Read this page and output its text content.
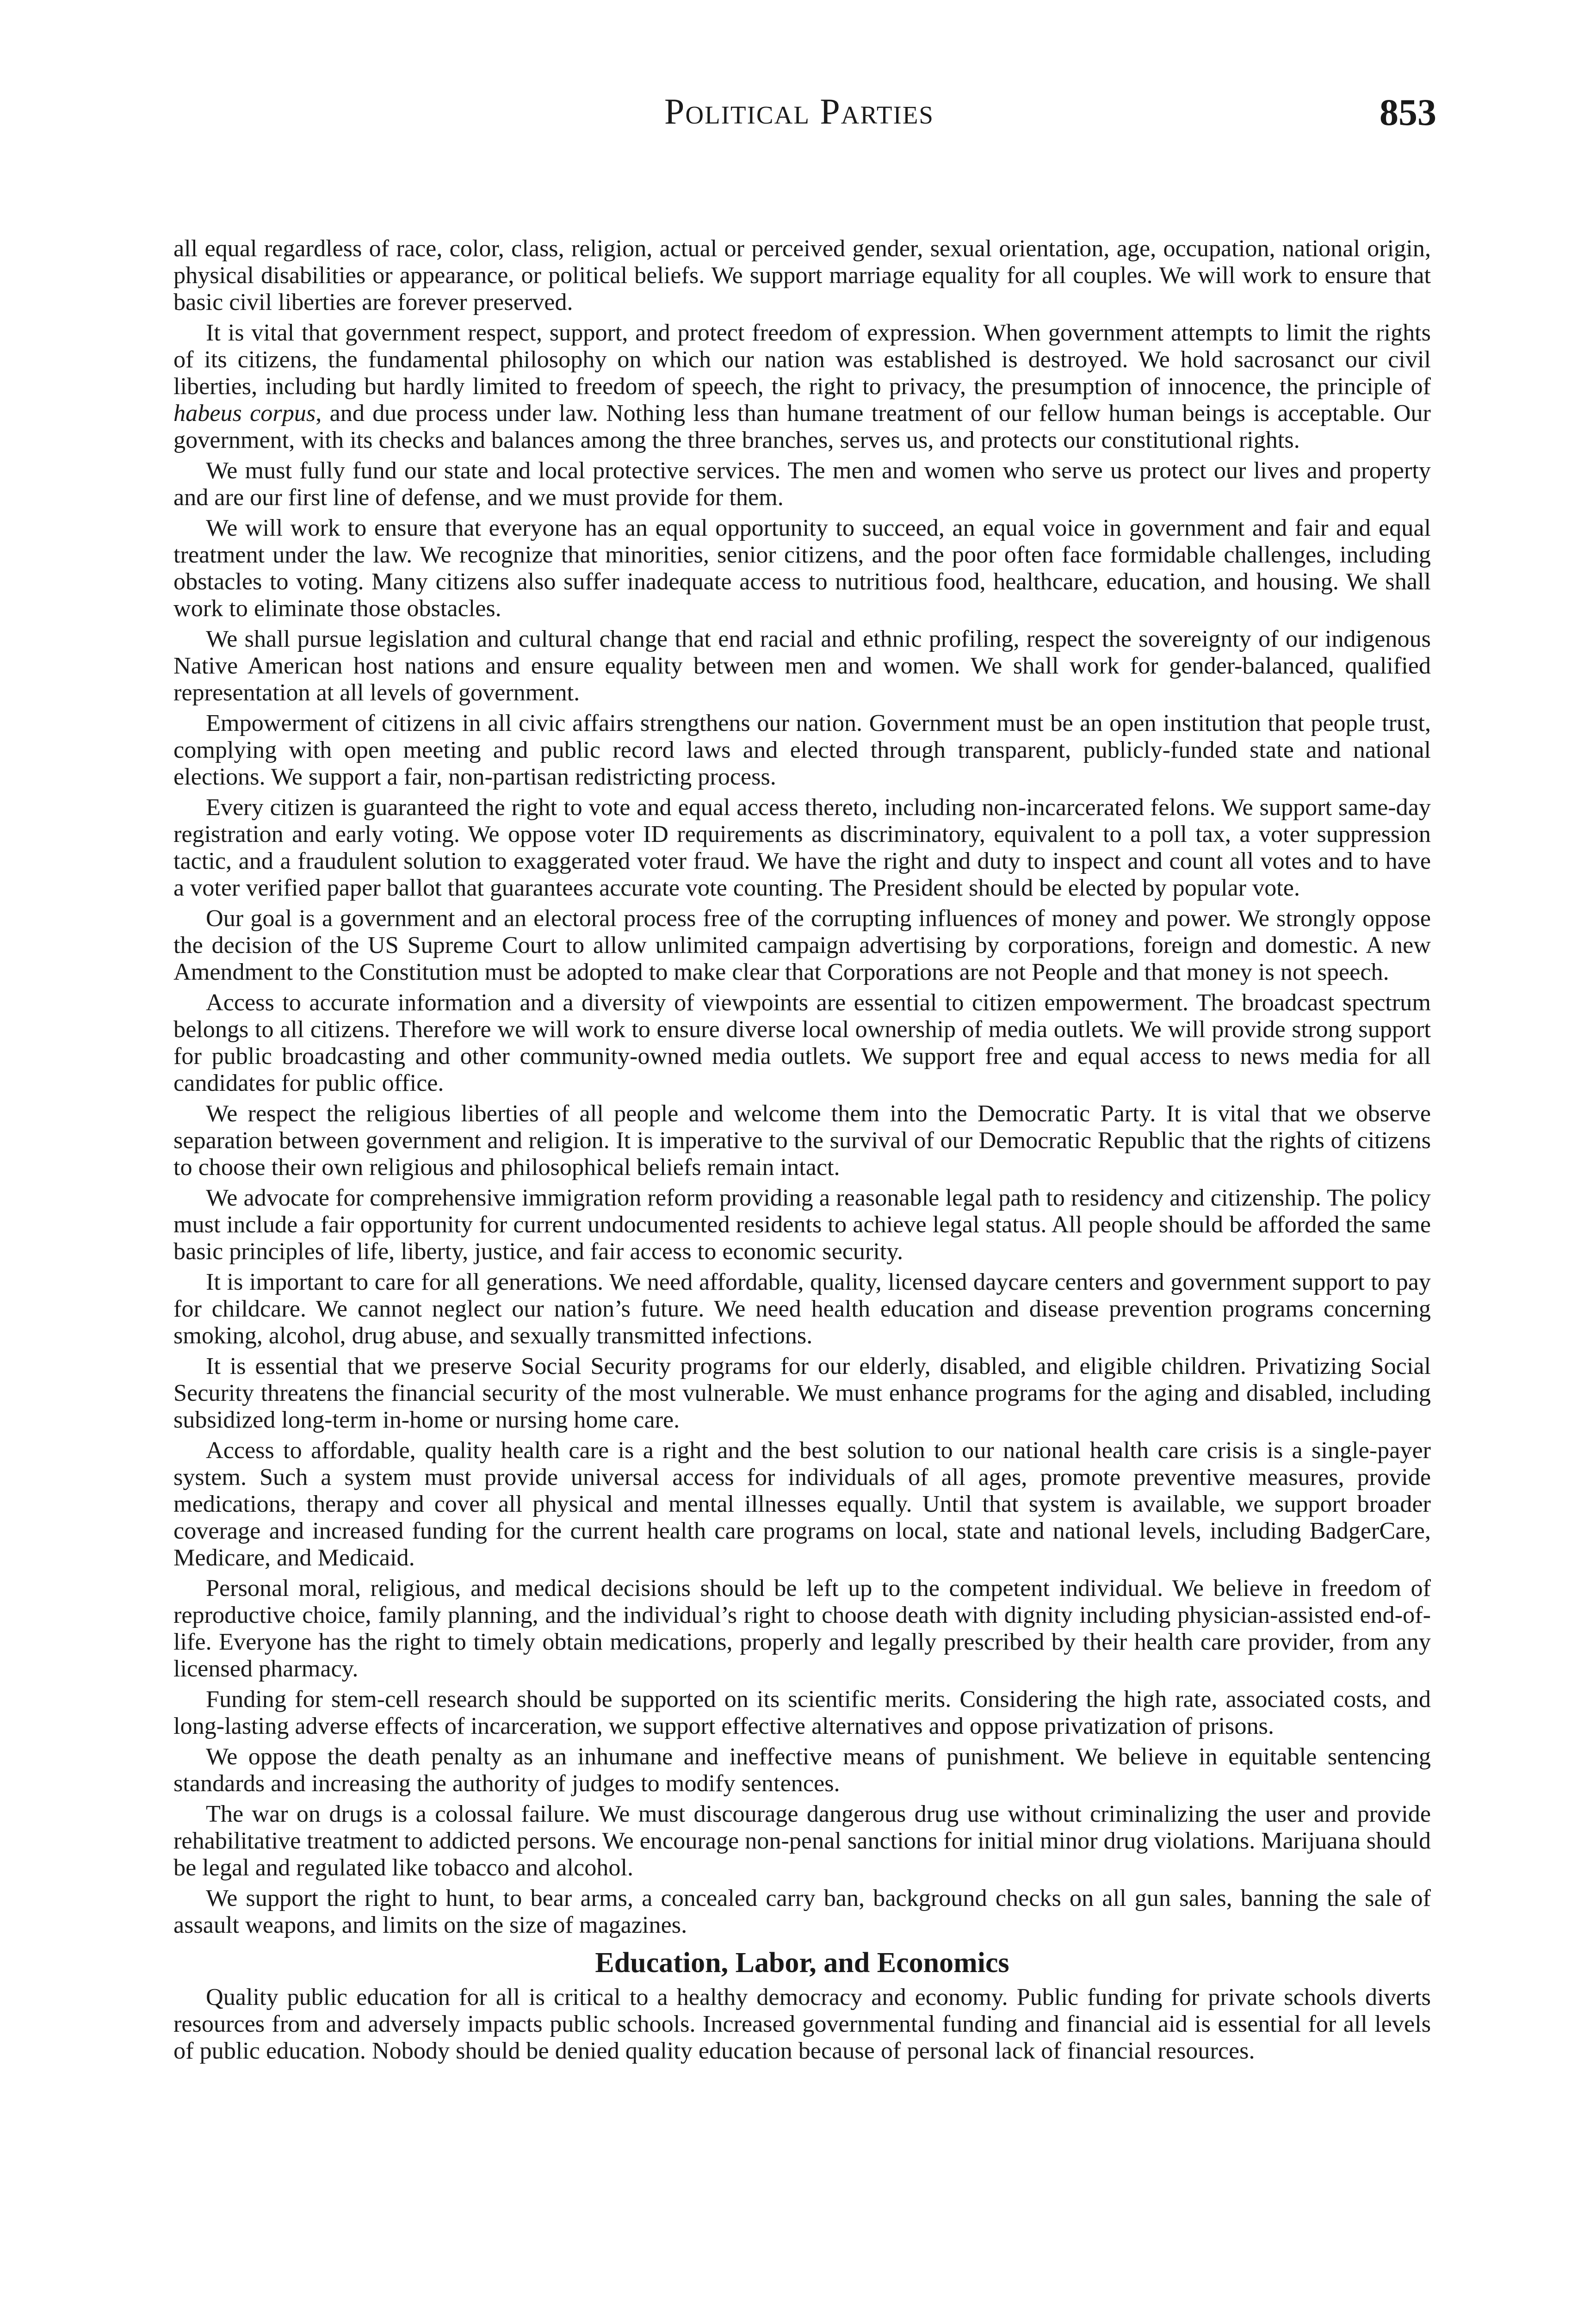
Political Parties	853

all equal regardless of race, color, class, religion, actual or perceived gender, sexual orientation, age, occupation, national origin, physical disabilities or appearance, or political beliefs. We support marriage equality for all couples. We will work to ensure that basic civil liberties are forever preserved.

It is vital that government respect, support, and protect freedom of expression. When government attempts to limit the rights of its citizens, the fundamental philosophy on which our nation was established is destroyed. We hold sacrosanct our civil liberties, including but hardly limited to freedom of speech, the right to privacy, the presumption of innocence, the principle of habeus corpus, and due process under law. Nothing less than humane treatment of our fellow human beings is acceptable. Our government, with its checks and balances among the three branches, serves us, and protects our constitutional rights.

We must fully fund our state and local protective services. The men and women who serve us protect our lives and property and are our first line of defense, and we must provide for them.

We will work to ensure that everyone has an equal opportunity to succeed, an equal voice in government and fair and equal treatment under the law. We recognize that minorities, senior citizens, and the poor often face formidable challenges, including obstacles to voting. Many citizens also suffer inadequate access to nutritious food, healthcare, education, and housing. We shall work to eliminate those obstacles.

We shall pursue legislation and cultural change that end racial and ethnic profiling, respect the sovereignty of our indigenous Native American host nations and ensure equality between men and women. We shall work for gender-balanced, qualified representation at all levels of government.

Empowerment of citizens in all civic affairs strengthens our nation. Government must be an open institution that people trust, complying with open meeting and public record laws and elected through transparent, publicly-funded state and national elections. We support a fair, non-partisan redistricting process.

Every citizen is guaranteed the right to vote and equal access thereto, including non-incarcerated felons. We support same-day registration and early voting. We oppose voter ID requirements as discriminatory, equivalent to a poll tax, a voter suppression tactic, and a fraudulent solution to exaggerated voter fraud. We have the right and duty to inspect and count all votes and to have a voter verified paper ballot that guarantees accurate vote counting. The President should be elected by popular vote.

Our goal is a government and an electoral process free of the corrupting influences of money and power. We strongly oppose the decision of the US Supreme Court to allow unlimited campaign advertising by corporations, foreign and domestic. A new Amendment to the Constitution must be adopted to make clear that Corporations are not People and that money is not speech.

Access to accurate information and a diversity of viewpoints are essential to citizen empowerment. The broadcast spectrum belongs to all citizens. Therefore we will work to ensure diverse local ownership of media outlets. We will provide strong support for public broadcasting and other community-owned media outlets. We support free and equal access to news media for all candidates for public office.

We respect the religious liberties of all people and welcome them into the Democratic Party. It is vital that we observe separation between government and religion. It is imperative to the survival of our Democratic Republic that the rights of citizens to choose their own religious and philosophical beliefs remain intact.

We advocate for comprehensive immigration reform providing a reasonable legal path to residency and citizenship. The policy must include a fair opportunity for current undocumented residents to achieve legal status. All people should be afforded the same basic principles of life, liberty, justice, and fair access to economic security.

It is important to care for all generations. We need affordable, quality, licensed daycare centers and government support to pay for childcare. We cannot neglect our nation’s future. We need health education and disease prevention programs concerning smoking, alcohol, drug abuse, and sexually transmitted infections.

It is essential that we preserve Social Security programs for our elderly, disabled, and eligible children. Privatizing Social Security threatens the financial security of the most vulnerable. We must enhance programs for the aging and disabled, including subsidized long-term in-home or nursing home care.

Access to affordable, quality health care is a right and the best solution to our national health care crisis is a single-payer system. Such a system must provide universal access for individuals of all ages, promote preventive measures, provide medications, therapy and cover all physical and mental illnesses equally. Until that system is available, we support broader coverage and increased funding for the current health care programs on local, state and national levels, including BadgerCare, Medicare, and Medicaid.

Personal moral, religious, and medical decisions should be left up to the competent individual. We believe in freedom of reproductive choice, family planning, and the individual’s right to choose death with dignity including physician-assisted end-of-life. Everyone has the right to timely obtain medications, properly and legally prescribed by their health care provider, from any licensed pharmacy.

Funding for stem-cell research should be supported on its scientific merits. Considering the high rate, associated costs, and long-lasting adverse effects of incarceration, we support effective alternatives and oppose privatization of prisons.

We oppose the death penalty as an inhumane and ineffective means of punishment. We believe in equitable sentencing standards and increasing the authority of judges to modify sentences.

The war on drugs is a colossal failure. We must discourage dangerous drug use without criminalizing the user and provide rehabilitative treatment to addicted persons. We encourage non-penal sanctions for initial minor drug violations. Marijuana should be legal and regulated like tobacco and alcohol.

We support the right to hunt, to bear arms, a concealed carry ban, background checks on all gun sales, banning the sale of assault weapons, and limits on the size of magazines.

Education, Labor, and Economics

Quality public education for all is critical to a healthy democracy and economy. Public funding for private schools diverts resources from and adversely impacts public schools. Increased governmental funding and financial aid is essential for all levels of public education. Nobody should be denied quality education because of personal lack of financial resources.
